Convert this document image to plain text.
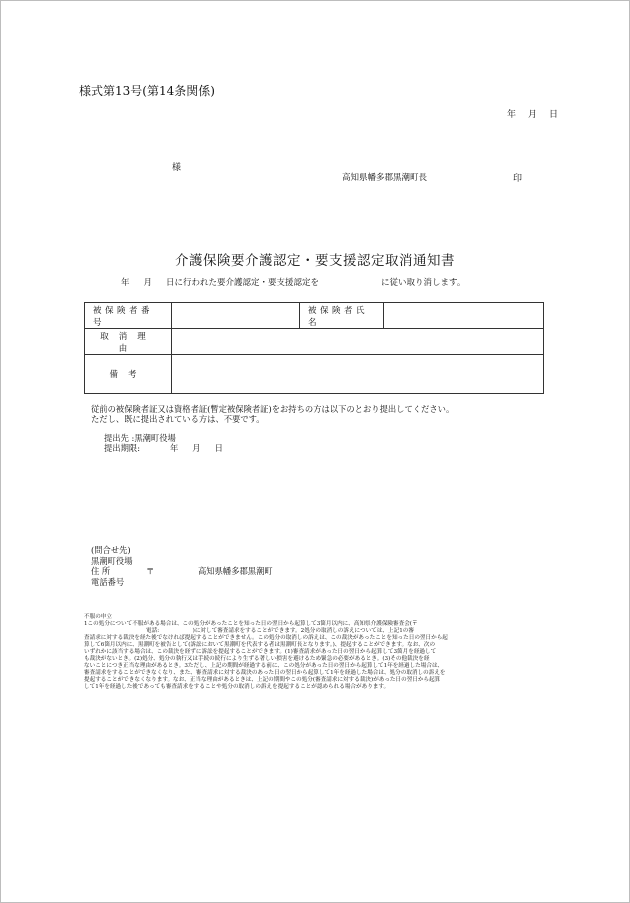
様式第13号(第14条関係)
年 月 日
様
高知県幡多郡黒潮町長	印
介護保険要介護認定・要支援認定取消通知書
年 月 日に行われた要介護認定・要支援認定を	に従い取り消します。
被保険者番号		被保険者氏名	
取消理由			
備考			
従前の被保険者証又は資格者証(暫定被保険者証)をお持ちの方は以下のとおり提出してください。
ただし、既に提出されている方は、不要です。
提出先 :黒潮町役場
提出期限:	年 月 日
(問合せ先)
黒潮町役場
住 所	〒	高知県幡多郡黒潮町
電話番号
不服の申立
1この処分について不服がある場合は、この処分があったことを知った日の翌日から起算して3箇月以内に、高知県介護保険審査会(〒
電話:　　　　　　)に対して審査請求をすることができます。2処分の取消しの訴えについては、上記1の審
査請求に対する裁決を経た後でなければ提起することができません。この処分の取消しの訴えは、この裁決があったことを知った日の翌日から起
算して6箇月以内に、黒潮町を被告として(訴訟において黒潮町を代表する者は黒潮町長となります。)、提起することができます。なお、次の
いずれかに該当する場合は、この裁決を経ずに訴訟を提起することができます。(1)審査請求があった日の翌日から起算して3箇月を経過して
も裁決がないとき。(2)処分、処分の執行又は手続の続行により生ずる著しい損害を避けるため緊急の必要があるとき。(3)その他裁決を経
ないことにつき正当な理由があるとき。3ただし、上記の期間が経過する前に、この処分があった日の翌日から起算して1年を経過した場合は、
審査請求をすることができなくなり、また、審査請求に対する裁決のあった日の翌日から起算して1年を経過した場合は、処分の取消しの訴えを
提起することができなくなります。なお、正当な理由があるときは、上記の期間やこの処分(審査請求に対する裁決)があった日の翌日から起算
して1年を経過した後であっても審査請求をすることや処分の取消しの訴えを提起することが認められる場合があります。
